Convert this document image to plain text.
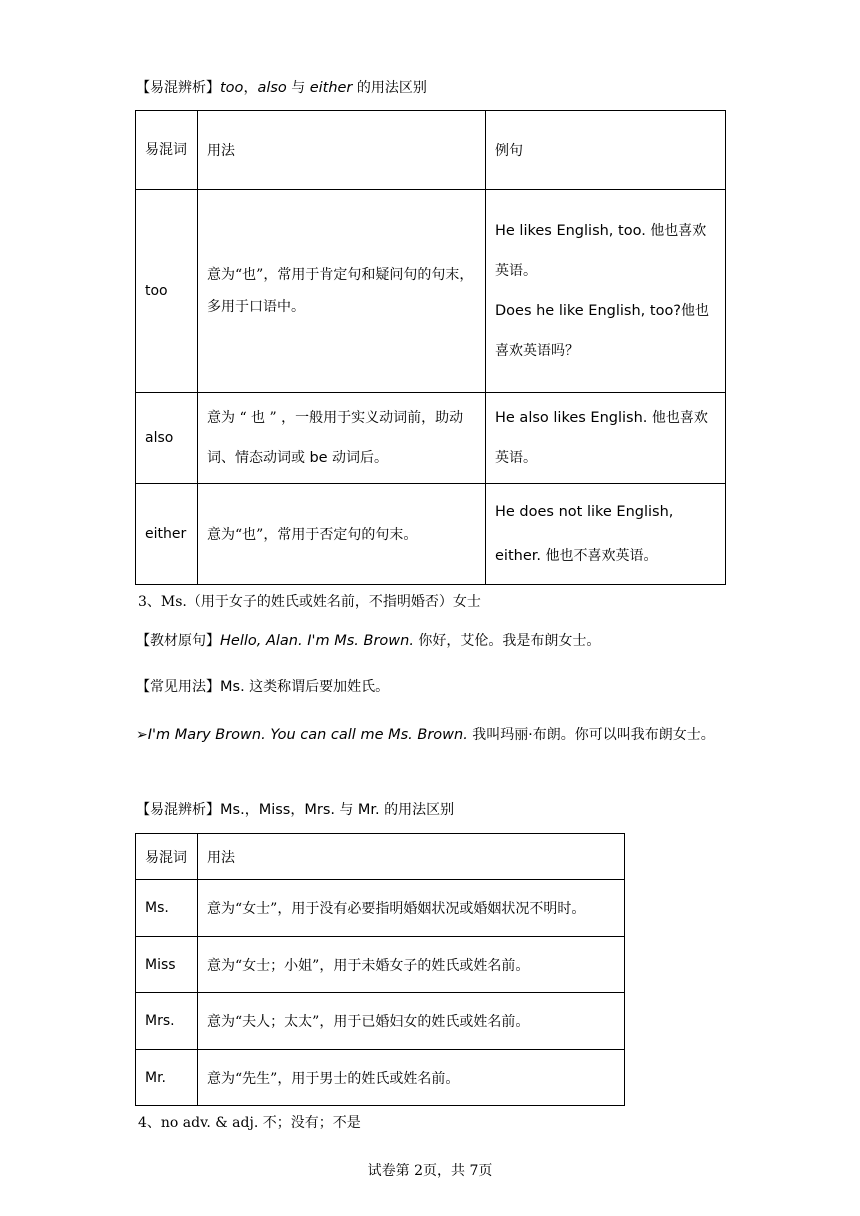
【易混辨析】too，also 与 either 的用法区别
易混词	用法	例句
too	意为“也”，常用于肯定句和疑问句的句末，多用于口语中。	He likes English, too. 他也喜欢英语。
Does he like English, too?他也喜欢英语吗？
also	意为 “ 也 ” ，一般用于实义动词前，助动词、情态动词或 be 动词后。	He also likes English. 他也喜欢英语。
either	意为“也”，常用于否定句的句末。	He does not like English, either. 他也不喜欢英语。
3、Ms.（用于女子的姓氏或姓名前，不指明婚否）女士
【教材原句】Hello, Alan. I'm Ms. Brown. 你好，艾伦。我是布朗女士。
【常见用法】Ms. 这类称谓后要加姓氏。
➢I'm Mary Brown. You can call me Ms. Brown. 我叫玛丽·布朗。你可以叫我布朗女士。
【易混辨析】Ms.，Miss，Mrs. 与 Mr. 的用法区别
易混词	用法
Ms.	意为“女士”，用于没有必要指明婚姻状况或婚姻状况不明时。
Miss	意为“女士；小姐”，用于未婚女子的姓氏或姓名前。
Mrs.	意为“夫人；太太”，用于已婚妇女的姓氏或姓名前。
Mr.	意为“先生”，用于男士的姓氏或姓名前。
4、no adv. & adj. 不；没有；不是
试卷第 2页，共 7页
